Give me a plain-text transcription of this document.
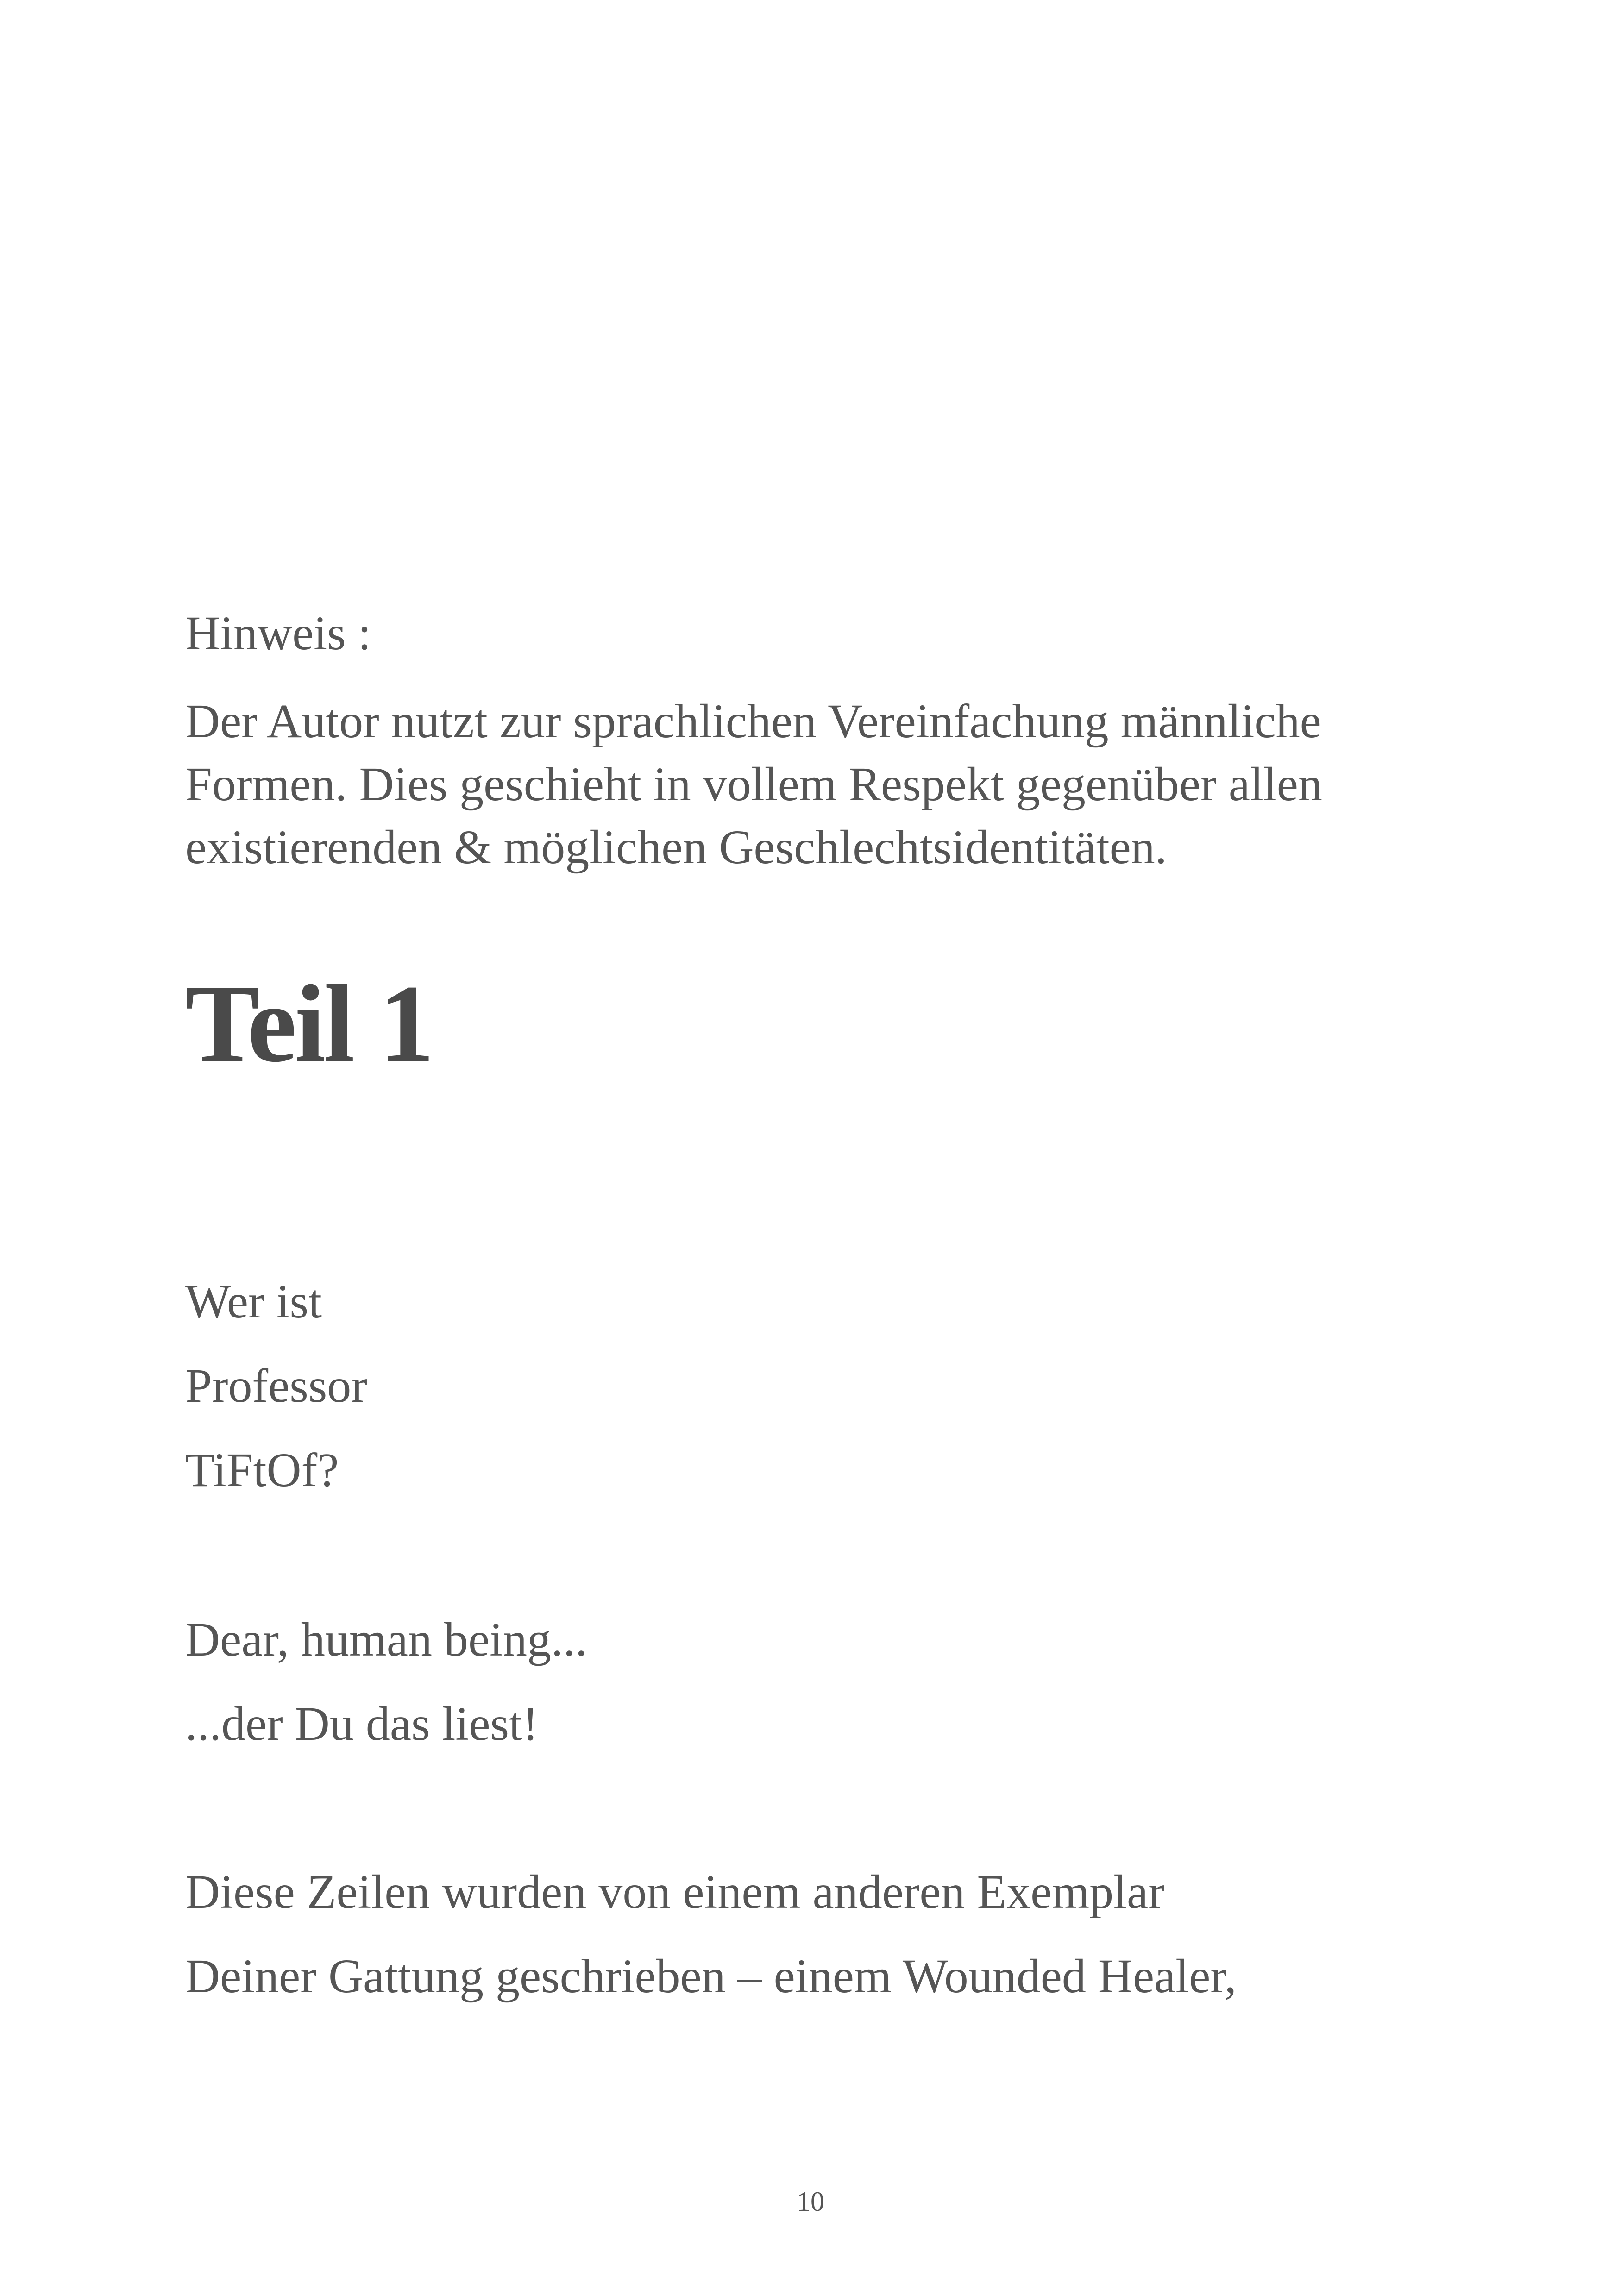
Hinweis :

Der Autor nutzt zur sprachlichen Vereinfachung männliche
Formen. Dies geschieht in vollem Respekt gegenüber allen
existierenden & möglichen Geschlechtsidentitäten.
Teil 1
Wer ist
Professor
TiFtOf?
Dear, human being...
...der Du das liest!
Diese Zeilen wurden von einem anderen Exemplar
Deiner Gattung geschrieben – einem Wounded Healer,
10
